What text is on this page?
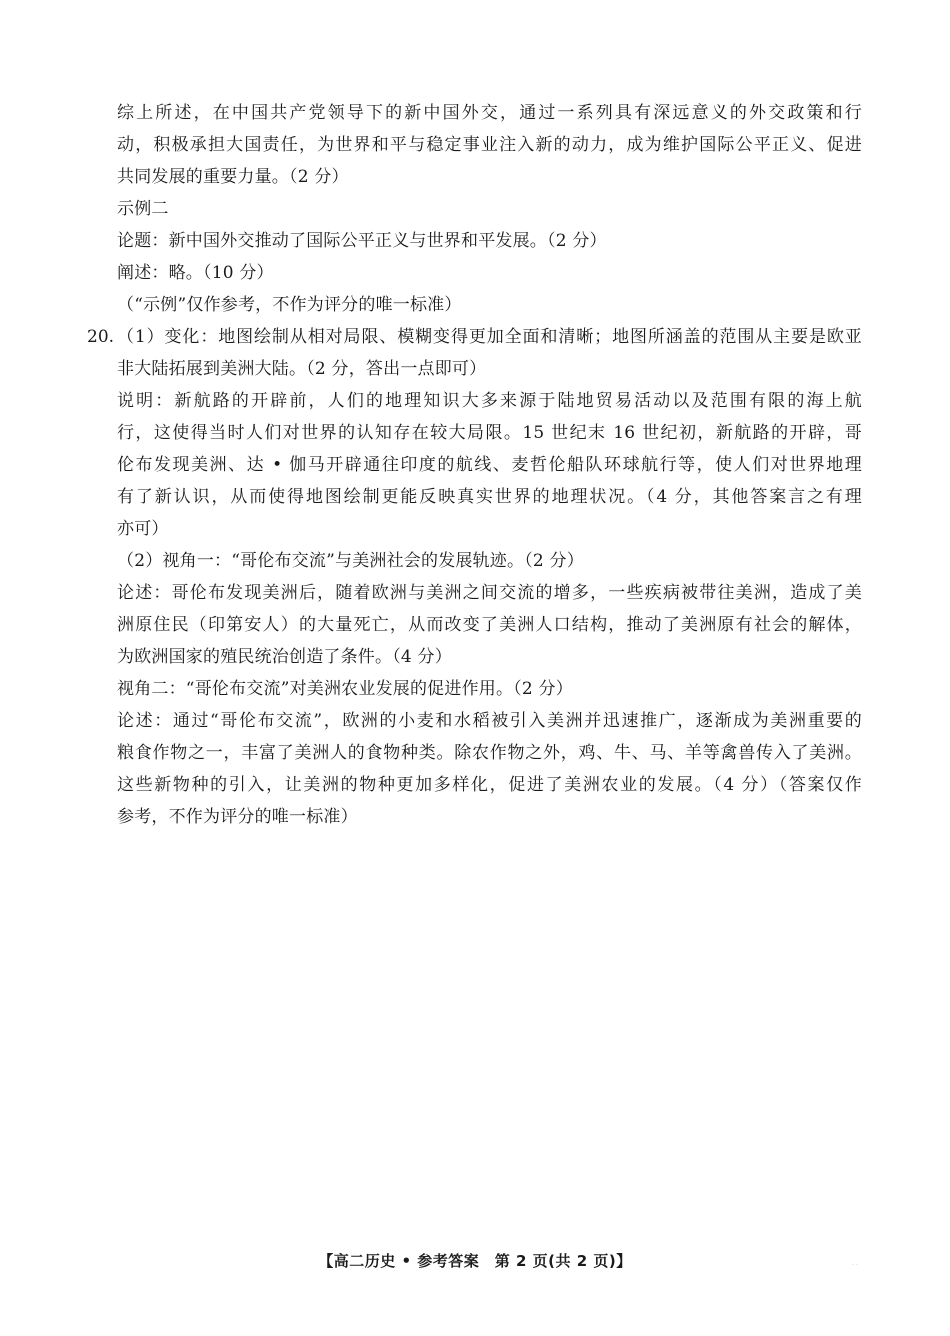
综上所述，在中国共产党领导下的新中国外交，通过一系列具有深远意义的外交政策和行
动，积极承担大国责任，为世界和平与稳定事业注入新的动力，成为维护国际公平正义、促进
共同发展的重要力量。（2 分）
示例二
论题：新中国外交推动了国际公平正义与世界和平发展。（2 分）
阐述：略。（10 分）
（“示例”仅作参考，不作为评分的唯一标准）
20. （1）变化：地图绘制从相对局限、模糊变得更加全面和清晰；地图所涵盖的范围从主要是欧亚
非大陆拓展到美洲大陆。（2 分，答出一点即可）
说明：新航路的开辟前，人们的地理知识大多来源于陆地贸易活动以及范围有限的海上航
行，这使得当时人们对世界的认知存在较大局限。15 世纪末 16 世纪初，新航路的开辟，哥
伦布发现美洲、达 • 伽马开辟通往印度的航线、麦哲伦船队环球航行等，使人们对世界地理
有了新认识，从而使得地图绘制更能反映真实世界的地理状况。（4 分，其他答案言之有理
亦可）
（2）视角一：“哥伦布交流”与美洲社会的发展轨迹。（2 分）
论述：哥伦布发现美洲后，随着欧洲与美洲之间交流的增多，一些疾病被带往美洲，造成了美
洲原住民（印第安人）的大量死亡，从而改变了美洲人口结构，推动了美洲原有社会的解体，
为欧洲国家的殖民统治创造了条件。（4 分）
视角二：“哥伦布交流”对美洲农业发展的促进作用。（2 分）
论述：通过“哥伦布交流”，欧洲的小麦和水稻被引入美洲并迅速推广，逐渐成为美洲重要的
粮食作物之一，丰富了美洲人的食物种类。除农作物之外，鸡、牛、马、羊等禽兽传入了美洲。
这些新物种的引入，让美洲的物种更加多样化，促进了美洲农业的发展。（4 分）（答案仅作
参考，不作为评分的唯一标准）
【高二历史 • 参考答案　第 2 页(共 2 页)】	· ·
